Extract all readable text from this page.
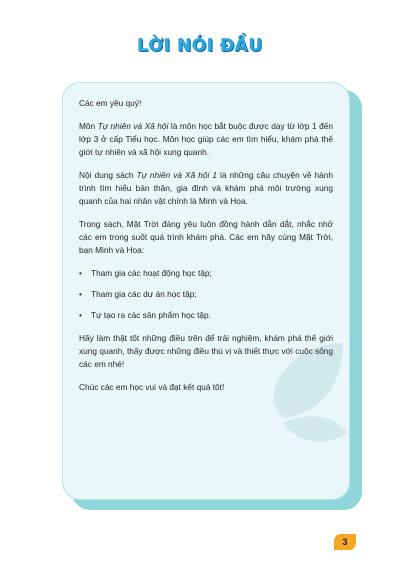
LỜI NÓI ĐẦU

Các em yêu quý!

Môn Tự nhiên và Xã hội là môn học bắt buộc được dạy từ lớp 1 đến lớp 3 ở cấp Tiểu học. Môn học giúp các em tìm hiểu, khám phá thế giới tự nhiên và xã hội xung quanh.

Nội dung sách Tự nhiên và Xã hội 1 là những câu chuyện về hành trình tìm hiểu bản thân, gia đình và khám phá môi trường xung quanh của hai nhân vật chính là Minh và Hoa.

Trong sách, Mặt Trời đáng yêu luôn đồng hành dẫn dắt, nhắc nhở các em trong suốt quá trình khám phá. Các em hãy cùng Mặt Trời, bạn Minh và Hoa:

• Tham gia các hoạt động học tập;
• Tham gia các dự án học tập;
• Tự tạo ra các sản phẩm học tập.

Hãy làm thật tốt những điều trên để trải nghiệm, khám phá thế giới xung quanh, thấy được những điều thú vị và thiết thực với cuộc sống các em nhé!

Chúc các em học vui và đạt kết quả tốt!

3
